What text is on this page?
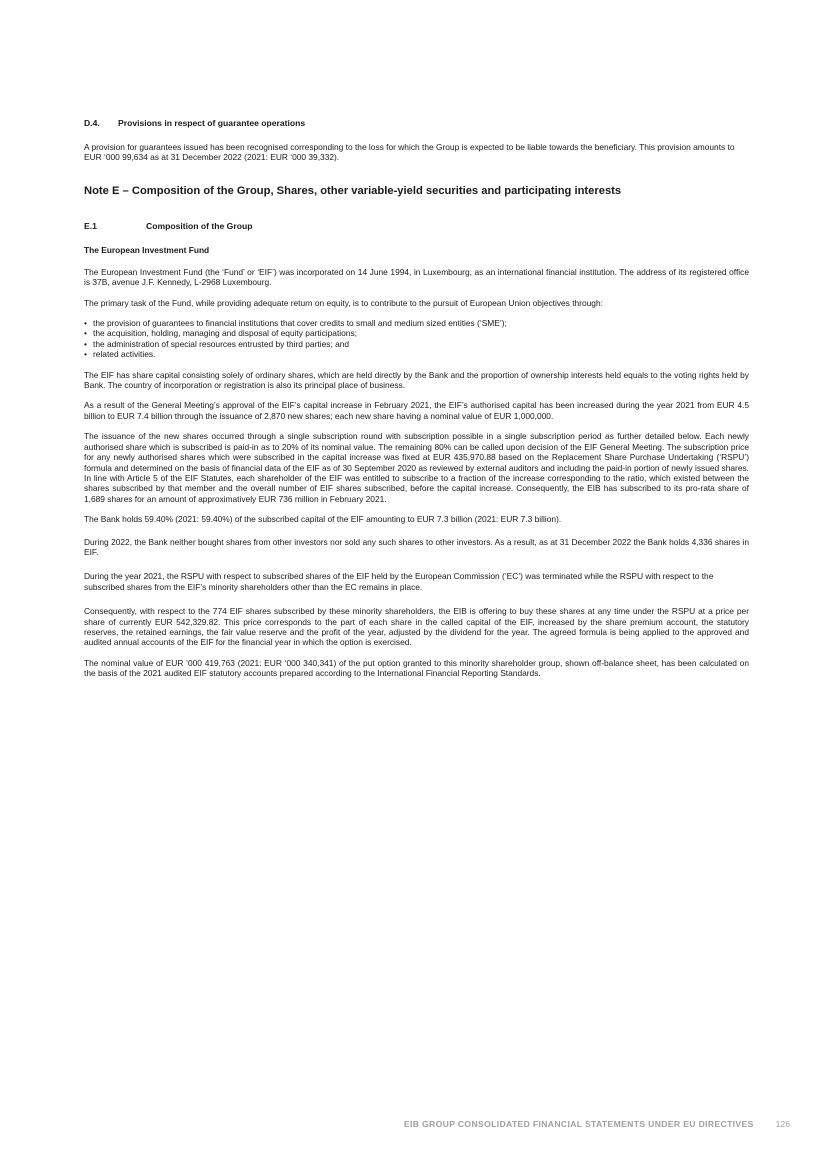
D.4.	Provisions in respect of guarantee operations

A provision for guarantees issued has been recognised corresponding to the loss for which the Group is expected to be liable towards the beneficiary. This provision amounts to EUR ‘000 99,634 as at 31 December 2022 (2021: EUR ‘000 39,332).

Note E – Composition of the Group, Shares, other variable-yield securities and participating interests
E.1	Composition of the Group
The European Investment Fund

The European Investment Fund (the ‘Fund’ or ‘EIF’) was incorporated on 14 June 1994, in Luxembourg, as an international financial institution. The address of its registered office is 37B, avenue J.F. Kennedy, L-2968 Luxembourg.

The primary task of the Fund, while providing adequate return on equity, is to contribute to the pursuit of European Union objectives through:

• the provision of guarantees to financial institutions that cover credits to small and medium sized entities (‘SME’);
• the acquisition, holding, managing and disposal of equity participations;
• the administration of special resources entrusted by third parties; and
• related activities.

The EIF has share capital consisting solely of ordinary shares, which are held directly by the Bank and the proportion of ownership interests held equals to the voting rights held by Bank. The country of incorporation or registration is also its principal place of business.

As a result of the General Meeting’s approval of the EIF’s capital increase in February 2021, the EIF’s authorised capital has been increased during the year 2021 from EUR 4.5 billion to EUR 7.4 billion through the issuance of 2,870 new shares; each new share having a nominal value of EUR 1,000,000.

The issuance of the new shares occurred through a single subscription round with subscription possible in a single subscription period as further detailed below. Each newly authorised share which is subscribed is paid-in as to 20% of its nominal value. The remaining 80% can be called upon decision of the EIF General Meeting. The subscription price for any newly authorised shares which were subscribed in the capital increase was fixed at EUR 435,970.88 based on the Replacement Share Purchase Undertaking (‘RSPU’) formula and determined on the basis of financial data of the EIF as of 30 September 2020 as reviewed by external auditors and including the paid-in portion of newly issued shares. In line with Article 5 of the EIF Statutes, each shareholder of the EIF was entitled to subscribe to a fraction of the increase corresponding to the ratio, which existed between the shares subscribed by that member and the overall number of EIF shares subscribed, before the capital increase. Consequently, the EIB has subscribed to its pro-rata share of 1,689 shares for an amount of approximatively EUR 736 million in February 2021.

The Bank holds 59.40% (2021: 59.40%) of the subscribed capital of the EIF amounting to EUR 7.3 billion (2021: EUR 7.3 billion).

During 2022, the Bank neither bought shares from other investors nor sold any such shares to other investors. As a result, as at 31 December 2022 the Bank holds 4,336 shares in EIF.

During the year 2021, the RSPU with respect to subscribed shares of the EIF held by the European Commission (‘EC’) was terminated while the RSPU with respect to the subscribed shares from the EIF’s minority shareholders other than the EC remains in place.

Consequently, with respect to the 774 EIF shares subscribed by these minority shareholders, the EIB is offering to buy these shares at any time under the RSPU at a price per share of currently EUR 542,329.82. This price corresponds to the part of each share in the called capital of the EIF, increased by the share premium account, the statutory reserves, the retained earnings, the fair value reserve and the profit of the year, adjusted by the dividend for the year. The agreed formula is being applied to the approved and audited annual accounts of the EIF for the financial year in which the option is exercised.

The nominal value of EUR ‘000 419,763 (2021: EUR ‘000 340,341) of the put option granted to this minority shareholder group, shown off-balance sheet, has been calculated on the basis of the 2021 audited EIF statutory accounts prepared according to the International Financial Reporting Standards.

EIB GROUP CONSOLIDATED FINANCIAL STATEMENTS UNDER EU DIRECTIVES	126
